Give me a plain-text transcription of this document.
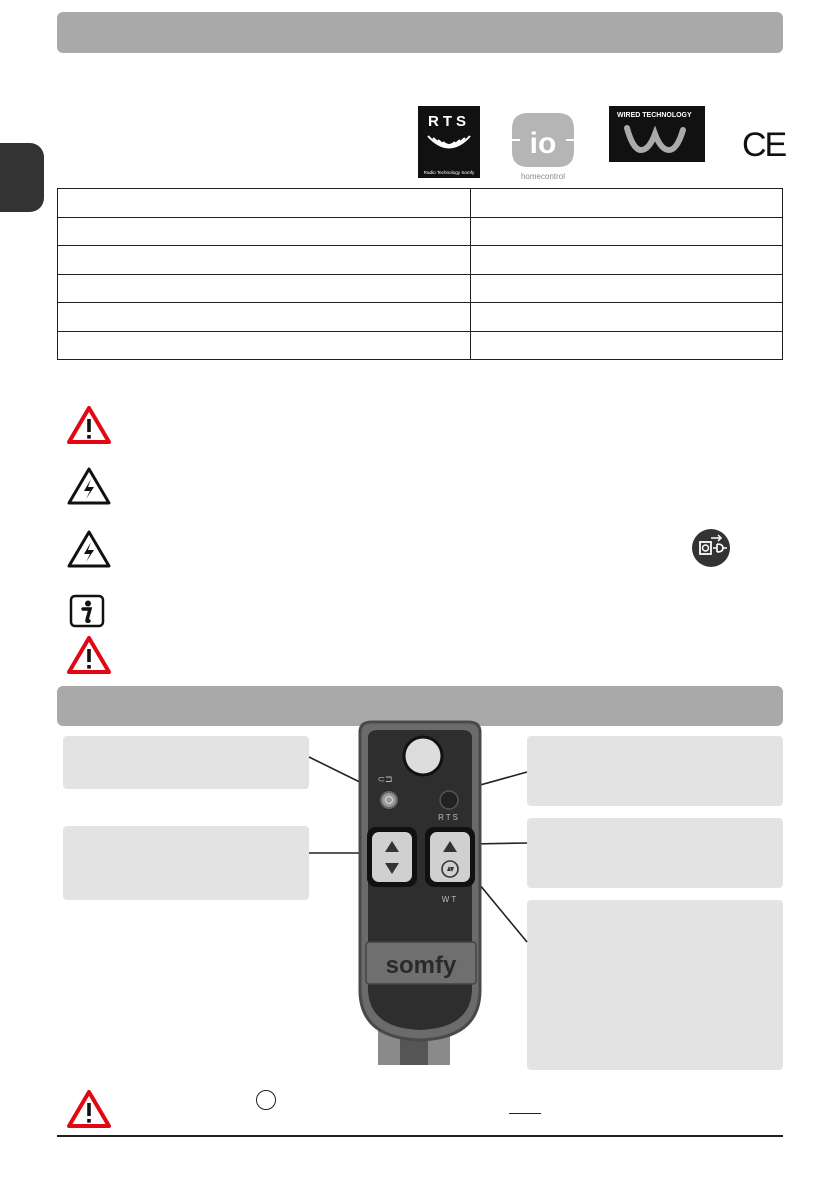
RTS
Radio Technology Somfy
io
homecontrol
WIRED TECHNOLOGY
CE

⊂⊐
RTS
WT
somfy
